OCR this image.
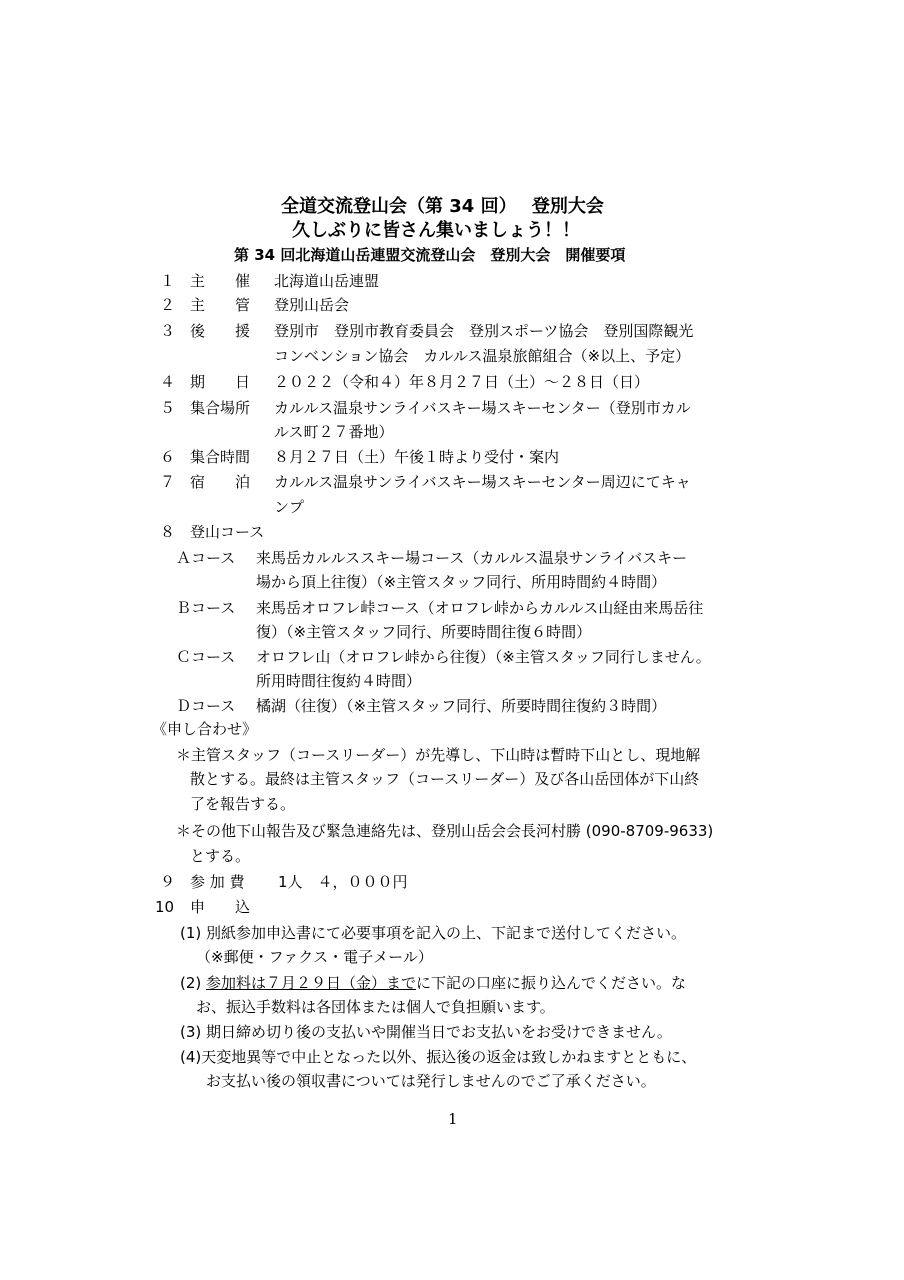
全道交流登山会（第 34 回）　 登別大会
久しぶりに皆さん集いましょう！！
第 34 回北海道山岳連盟交流登山会　登別大会　開催要項
１ 主　　催 北海道山岳連盟
２ 主　　管 登別山岳会
３ 後　　援 登別市　登別市教育委員会　登別スポーツ協会　登別国際観光
コンベンション協会　カルルス温泉旅館組合（※以上、予定）
４ 期　　日 ２０２２（令和４）年８月２７日（土）～２８日（日）
５ 集合場所 カルルス温泉サンライバスキー場スキーセンター（登別市カル
ルス町２７番地）
６ 集合時間 ８月２７日（土）午後１時より受付・案内
７ 宿　　泊 カルルス温泉サンライバスキー場スキーセンター周辺にてキャ
ンプ
８ 登山コース
Ａコース 来馬岳カルルススキー場コース（カルルス温泉サンライバスキー
場から頂上往復）（※主管スタッフ同行、所用時間約４時間）
Ｂコース 来馬岳オロフレ峠コース（オロフレ峠からカルルス山経由来馬岳往
復）（※主管スタッフ同行、所要時間往復６時間）
Ｃコース オロフレ山（オロフレ峠から往復）（※主管スタッフ同行しません。
所用時間往復約４時間）
Ｄコース 橘湖（往復）（※主管スタッフ同行、所要時間往復約３時間）
《申し合わせ》
＊主管スタッフ（コースリーダー）が先導し、下山時は暫時下山とし、現地解
散とする。最終は主管スタッフ（コースリーダー）及び各山岳団体が下山終
了を報告する。
＊その他下山報告及び緊急連絡先は、登別山岳会会長河村勝 (090-8709-9633)
とする。
９ 参 加 費 1人　４，０００円
10 申　　込
(1) 別紙参加申込書にて必要事項を記入の上、下記まで送付してください。
（※郵便・ファクス・電子メール）
(2) 参加料は７月２９日（金）までに下記の口座に振り込んでください。な
お、振込手数料は各団体または個人で負担願います。
(3) 期日締め切り後の支払いや開催当日でお支払いをお受けできません。
(4)天変地異等で中止となった以外、振込後の返金は致しかねますとともに、
お支払い後の領収書については発行しませんのでご了承ください。
1
